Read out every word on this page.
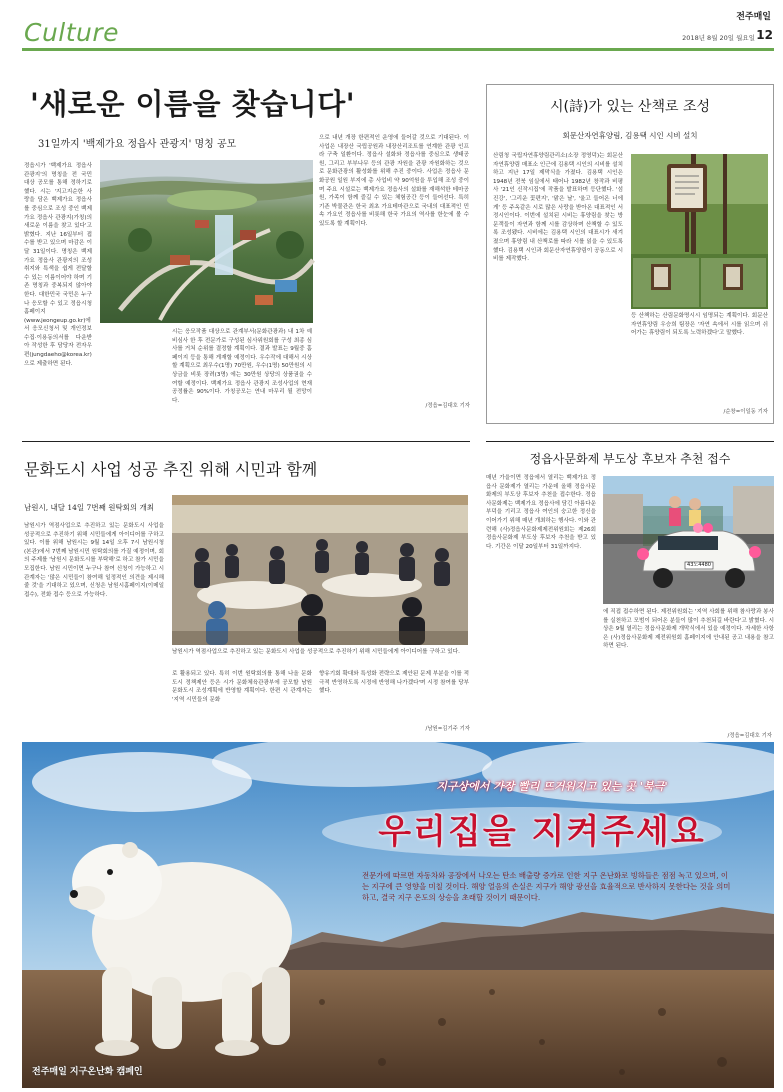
Culture
전주매일
2018년 8월 20일 월요일 12
'새로운 이름을 찾습니다'
31일까지 '백제가요 정읍사 관광지' 명칭 공모
정읍시가 '백제가요 정읍사 관광지'의 명칭을 전 국민 대상 공모를 통해 정하기로 했다. 시는 '지고지순한 사랑을 담은 백제가요 정읍사를 중심으로 조성 중인 백제가요 정읍사 관광지(가칭)의 새로운 이름을 찾고 있다'고 밝혔다. 지난 16일부터 접수를 받고 있으며 마감은 이달 31일이다. 명칭은 백제가요 정읍사 관광지의 조성취지와 특색을 쉽게 전달할 수 있는 이름이어야 하며 기존 명칭과 중복되지 않아야 한다. 대한민국 국민은 누구나 응모할 수 있고 정읍시청 홈페이지(www.jeongeup.go.kr)에서 응모신청서 및 개인정보 수집·이용동의서를 다운받아 작성한 후 담당자 전자우편(jungdaeho@korea.kr)으로 제출하면 된다.
시는 응모작품 대상으로 관계부서(문화관광과) 내 1차 예비심사 한 후 전문가로 구성된 심사위원회를 구성 최종 심사를 거쳐 순위를 결정할 계획이다. 결과 발표는 9월중 홈페이지 등을 통해 게재할 예정이다. 우수작에 대해서 시상할 계획으로 최우수(1명) 70만원, 우수(1명) 50만원의 시상금을 비롯 장려(3명) 에는 30만원 상당의 상품권을 수여할 예정이다. 백제가요 정읍사 관광지 조성사업의 현재 공정률은 90%이다. 가칭공모는 연내 마무리 될 전망이다.
으로 내년 개장 한편적인 운영에 들어갈 것으로 기대된다. 이 사업은 내장산 국립공원과 내장산리조트를 연계한 관광 인프라 구축 일환이다. 정읍사 설화와 정읍사를 중심으로 생태공원, 그리고 부부나무 등의 관광 자원을 관광 자원화하는 것으로 문화관광의 활성화를 위해 추진 중이다. 사업은 정읍사 문화공원 일원 부지에 총 사업비 약 90억원을 투입해 조성 중이며 주요 시설로는 백제가요 정읍사의 설화를 재해석한 테마공원, 가족이 함께 즐길 수 있는 체험공간 등이 들어선다. 특히 기존 박물관은 한국 최초 가요테마관으로 국내의 대표적인 민속 가요인 정읍사를 비롯해 한국 가요의 역사를 한눈에 볼 수 있도록 할 계획이다.
/정읍=김대호 기자
시(詩)가 있는 산책로 조성
회문산자연휴양림, 김용택 시인 시비 설치
산림청 국립자연휴양림관리소(소장 정영덕)는 회문산자연휴양림 매표소 인근에 김용택 시인의 시비를 설치하고 지난 17일 제막식을 가졌다. 김용택 시인은 1948년 전북 임실에서 태어나 1982년 창작과 비평사 '21인 신작시집'에 작품을 발표하며 등단했다. '섬진강', '그리운 꽃편지', '맑은 날', '울고 들어온 너에게' 등 주옥같은 시로 많은 사랑을 받아온 대표적인 서정시인이다. 이번에 설치된 시비는 휴양림을 찾는 방문객들이 자연과 함께 시를 감상하며 산책할 수 있도록 조성됐다. 시비에는 김용택 시인의 대표시가 새겨졌으며 휴양림 내 산책로를 따라 시를 읽을 수 있도록 했다. 김용택 시인과 회문산자연휴양림이 공동으로 시비를 제작했다.
등 산책하는 산림문화명시시 임명되는 계획이다. 회문산자연휴양림 우승희 팀장은 '자연 속에서 시를 읽으며 쉬어가는 휴양림이 되도록 노력하겠다'고 말했다.
/순창=이일동 기자
문화도시 사업 성공 추진 위해 시민과 함께
남원시, 내달 14일 7번째 원탁회의 개최
남원시가 역점사업으로 추진하고 있는 문화도시 사업을 성공적으로 추진하기 위해 시민들에게 아이디어를 구하고 있다. 이를 위해 남원시는 9월 14일 오후 7시 남원시청(본관)에서 7번째 남원시민 원탁회의를 가질 예정이며, 회의 주제를 '남원시 문화도시를 부탁해'로 하고 참가 시민을 모집한다. 남원 시민이면 누구나 참여 신청이 가능하고 시 관계자는 '많은 시민들이 참여해 일정적인 의견을 제시해 줄 것'을 기대하고 있으며, 신청은 남원시홈페이지(이메일 접수), 전화 접수 등으로 가능하다.
남원시가 역점사업으로 추진하고 있는 문화도시 사업을 성공적으로 추진하기 위해 시민들에게 아이디어를 구하고 있다.
로 활용되고 있다. 특히 이번 원탁회의를 통해 나올 문화도시 정책제안 등은 시가 문화체육관광부에 공모할 남원 문화도시 조성계획에 반영할 계획이다. 한편 시 관계자는 '지역 시민들의 문화
향유기회 확대와 특성화 전략으로 제안된 문제 부분을 이를 적극적 반영하도록 시정에 반영해 나가겠다'며 시정 참여를 당부했다.
/남원=김기주 기자
정읍사문화제 부도상 후보자 추천 접수
매년 가을이면 정읍에서 열리는 백제가요 정읍사 문화제가 열리는 가운데 올해 정읍사문화제의 부도상 후보자 추천을 접수한다. 정읍사문화제는 백제가요 정읍사에 담긴 아름다운 부덕을 기리고 정읍사 여인의 숭고한 정신을 이어가기 위해 매년 개최하는 행사다. 이와 관련해 (사)정읍사문화제제전위원회는 제26회 정읍사문화제 부도상 후보자 추천을 받고 있다. 기간은 이달 20일부터 31일까지다.
43노4480
에 직접 접수하면 된다. 제전위원회는 '지역 사회를 위해 참사랑과 봉사를 실천하고 모범이 되어온 분들이 많이 추천되길 바란다'고 밝혔다. 시상은 9월 열리는 정읍사문화제 개막식에서 있을 예정이다. 자세한 사항은 (사)정읍사문화제 제전위원회 홈페이지에 안내된 공고 내용을 참고하면 된다.
/정읍=김대호 기자
지구상에서 가장 빨리 뜨거워지고 있는 곳 '북극'
우리집을 지켜주세요
전문가에 따르면 자동차와 공장에서 나오는 탄소 배출량 증가로 인한 지구 온난화로 빙하들은 점점 녹고 있으며, 이는 지구에 큰 영향을 미칠 것이다. 해양 얼음의 손실은 지구가 해양 광선을 효율적으로 반사하지 못한다는 것을 의미하고, 결국 지구 온도의 상승을 초래할 것이기 때문이다.
전주매일 지구온난화 캠페인
